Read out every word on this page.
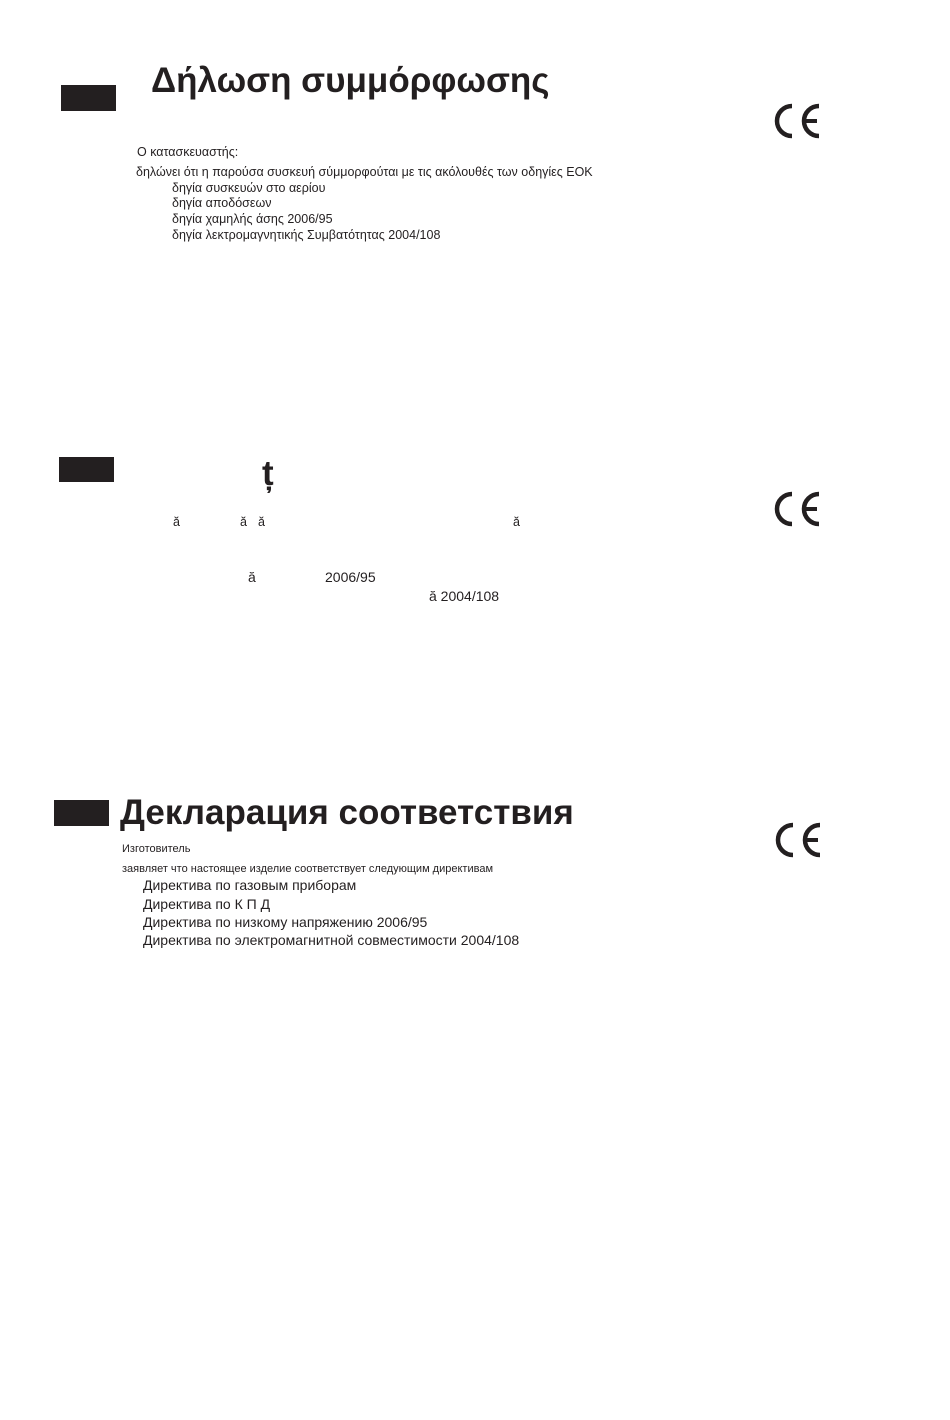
Δήλωση συμμόρφωσης
Ο κατασκευαστής:
δηλώνει ότι η παρούσα συσκευή σύμμορφούται με τις ακόλουθές των οδηγίες ΕΟΚ
δηγία συσκευών στο αερίου
δηγία αποδόσεων
δηγία χαμηλής άσης 2006/95
δηγία λεκτρομαγνητικής Συμβατότητας 2004/108
ț
ă	ă ă	ă
ă	2006/95
ă 2004/108
Декларация соответствия
Изготовитель
заявляет что настоящее изделие соответствует следующим директивам
Директива по газовым приборам
Директива по К П Д
Директива по низкому напряжению 2006/95
Директива по электромагнитной совместимости 2004/108
